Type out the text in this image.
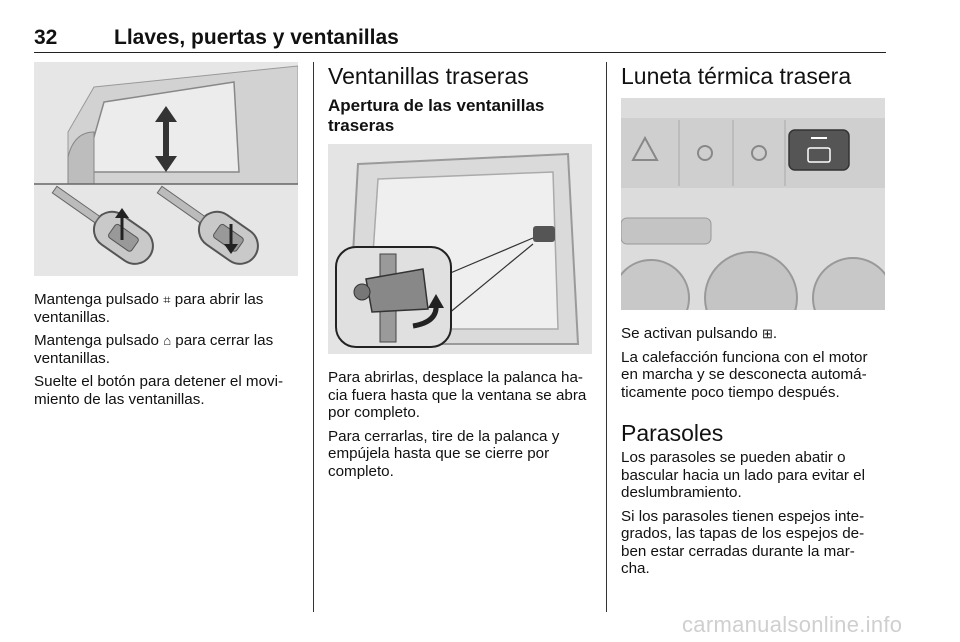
32	Llaves, puertas y ventanillas

Mantenga pulsado ⌗ para abrir las ventanillas.

Mantenga pulsado ⌂ para cerrar las ventanillas.

Suelte el botón para detener el movi- miento de las ventanillas.

Ventanillas traseras
Apertura de las ventanillas traseras

Para abrirlas, desplace la palanca ha- cia fuera hasta que la ventana se abra por completo.

Para cerrarlas, tire de la palanca y empújela hasta que se cierre por completo.

Luneta térmica trasera

Se activan pulsando ⊞.

La calefacción funciona con el motor en marcha y se desconecta automá- ticamente poco tiempo después.

Parasoles

Los parasoles se pueden abatir o bascular hacia un lado para evitar el deslumbramiento.

Si los parasoles tienen espejos inte- grados, las tapas de los espejos de- ben estar cerradas durante la mar- cha.

carmanualsonline.info
